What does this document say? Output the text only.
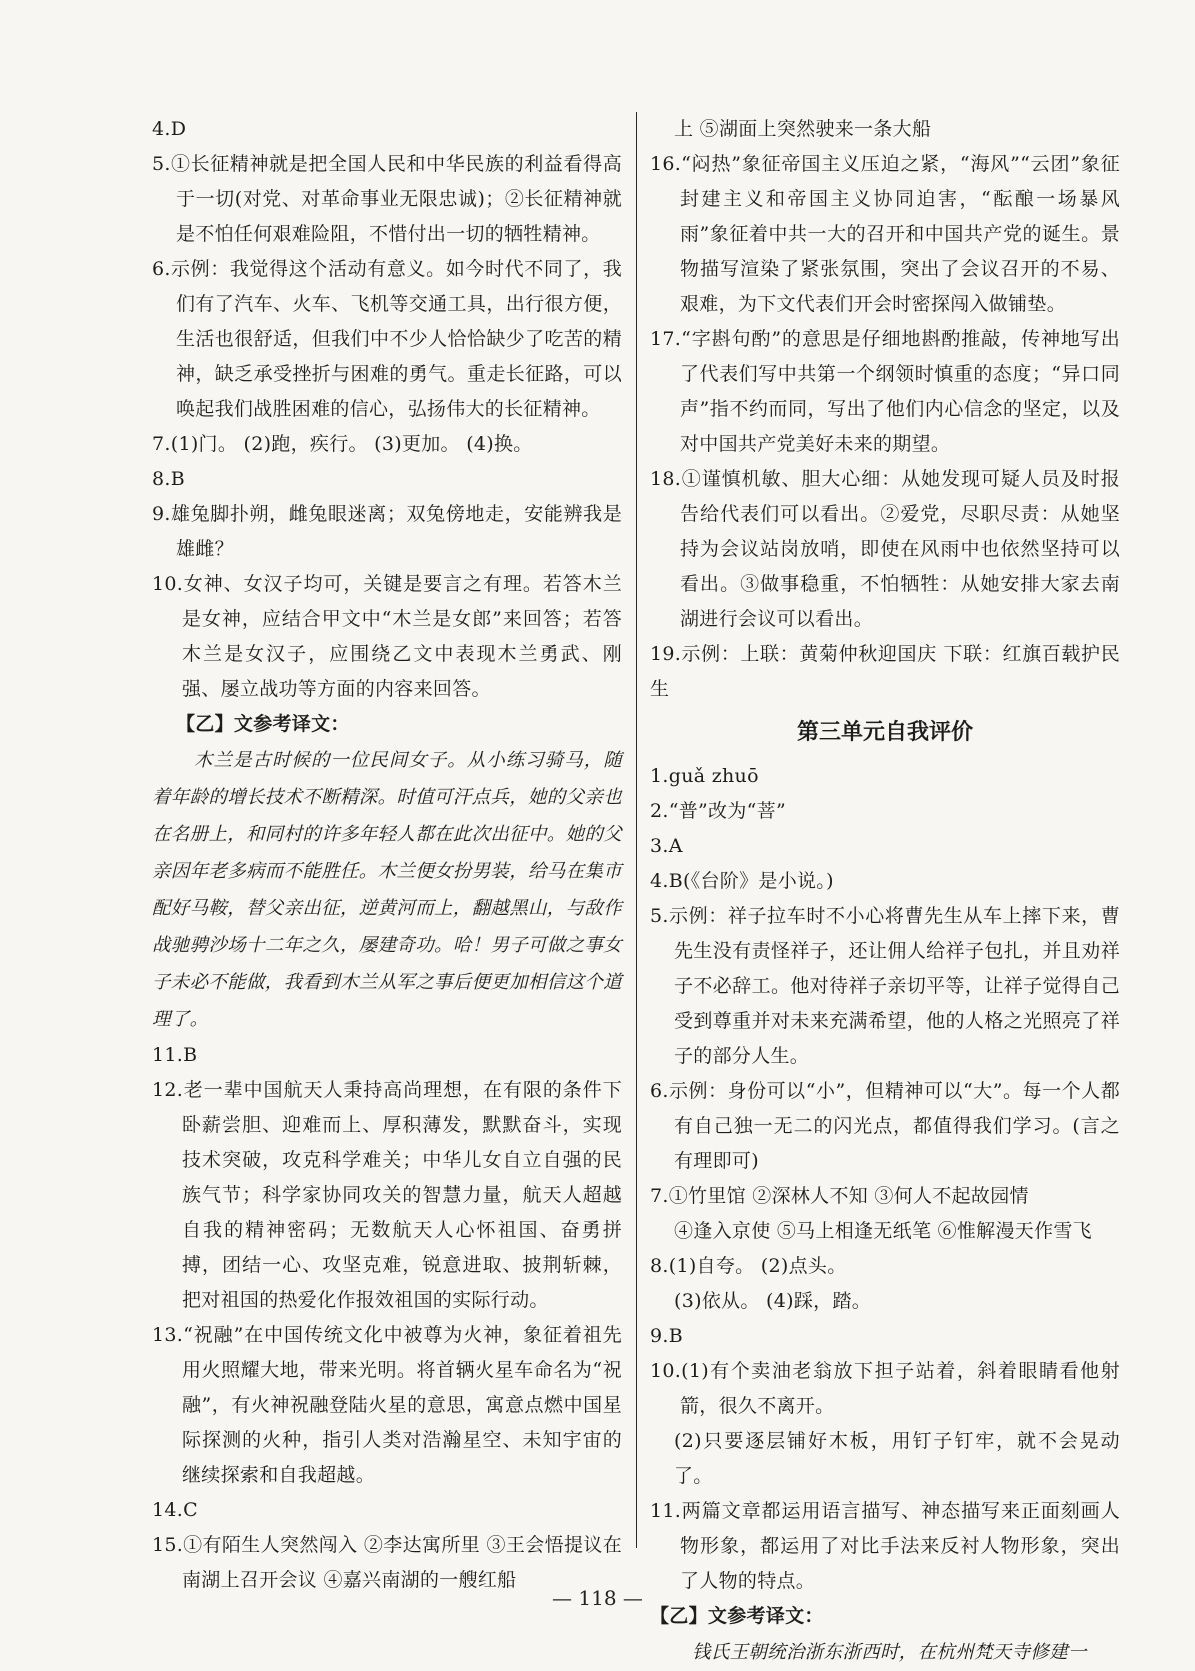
4.D

5.①长征精神就是把全国人民和中华民族的利益看得高于一切(对党、对革命事业无限忠诚)；②长征精神就是不怕任何艰难险阻，不惜付出一切的牺牲精神。

6.示例：我觉得这个活动有意义。如今时代不同了，我们有了汽车、火车、飞机等交通工具，出行很方便，生活也很舒适，但我们中不少人恰恰缺少了吃苦的精神，缺乏承受挫折与困难的勇气。重走长征路，可以唤起我们战胜困难的信心，弘扬伟大的长征精神。

7.(1)门。 (2)跑，疾行。 (3)更加。 (4)换。

8.B

9.雄兔脚扑朔，雌兔眼迷离；双兔傍地走，安能辨我是雄雌？

10.女神、女汉子均可，关键是要言之有理。若答木兰是女神，应结合甲文中“木兰是女郎”来回答；若答木兰是女汉子，应围绕乙文中表现木兰勇武、刚强、屡立战功等方面的内容来回答。

【乙】文参考译文：

木兰是古时候的一位民间女子。从小练习骑马，随着年龄的增长技术不断精深。时值可汗点兵，她的父亲也在名册上，和同村的许多年轻人都在此次出征中。她的父亲因年老多病而不能胜任。木兰便女扮男装，给马在集市配好马鞍，替父亲出征，逆黄河而上，翻越黑山，与敌作战驰骋沙场十二年之久，屡建奇功。哈！男子可做之事女子未必不能做，我看到木兰从军之事后便更加相信这个道理了。

11.B

12.老一辈中国航天人秉持高尚理想，在有限的条件下卧薪尝胆、迎难而上、厚积薄发，默默奋斗，实现技术突破，攻克科学难关；中华儿女自立自强的民族气节；科学家协同攻关的智慧力量，航天人超越自我的精神密码；无数航天人心怀祖国、奋勇拼搏，团结一心、攻坚克难，锐意进取、披荆斩棘，把对祖国的热爱化作报效祖国的实际行动。

13.“祝融”在中国传统文化中被尊为火神，象征着祖先用火照耀大地，带来光明。将首辆火星车命名为“祝融”，有火神祝融登陆火星的意思，寓意点燃中国星际探测的火种，指引人类对浩瀚星空、未知宇宙的继续探索和自我超越。

14.C

15.①有陌生人突然闯入 ②李达寓所里 ③王会悟提议在南湖上召开会议 ④嘉兴南湖的一艘红船

上 ⑤湖面上突然驶来一条大船

16.“闷热”象征帝国主义压迫之紧，“海风”“云团”象征封建主义和帝国主义协同迫害，“酝酿一场暴风雨”象征着中共一大的召开和中国共产党的诞生。景物描写渲染了紧张氛围，突出了会议召开的不易、艰难，为下文代表们开会时密探闯入做铺垫。

17.“字斟句酌”的意思是仔细地斟酌推敲，传神地写出了代表们写中共第一个纲领时慎重的态度；“异口同声”指不约而同，写出了他们内心信念的坚定，以及对中国共产党美好未来的期望。

18.①谨慎机敏、胆大心细：从她发现可疑人员及时报告给代表们可以看出。②爱党，尽职尽责：从她坚持为会议站岗放哨，即使在风雨中也依然坚持可以看出。③做事稳重，不怕牺牲：从她安排大家去南湖进行会议可以看出。

19.示例：上联：黄菊仲秋迎国庆 下联：红旗百载护民生

第三单元自我评价

1.guǎ zhuō

2.“普”改为“菩”

3.A

4.B(《台阶》是小说。)

5.示例：祥子拉车时不小心将曹先生从车上摔下来，曹先生没有责怪祥子，还让佣人给祥子包扎，并且劝祥子不必辞工。他对待祥子亲切平等，让祥子觉得自己受到尊重并对未来充满希望，他的人格之光照亮了祥子的部分人生。

6.示例：身份可以“小”，但精神可以“大”。每一个人都有自己独一无二的闪光点，都值得我们学习。(言之有理即可)

7.①竹里馆 ②深林人不知 ③何人不起故园情

④逢入京使 ⑤马上相逢无纸笔 ⑥惟解漫天作雪飞

8.(1)自夸。 (2)点头。

(3)依从。 (4)踩，踏。

9.B

10.(1)有个卖油老翁放下担子站着，斜着眼睛看他射箭，很久不离开。

(2)只要逐层铺好木板，用钉子钉牢，就不会晃动了。

11.两篇文章都运用语言描写、神态描写来正面刻画人物形象，都运用了对比手法来反衬人物形象，突出了人物的特点。

【乙】文参考译文：

钱氏王朝统治浙东浙西时，在杭州梵天寺修建一

— 118 —
